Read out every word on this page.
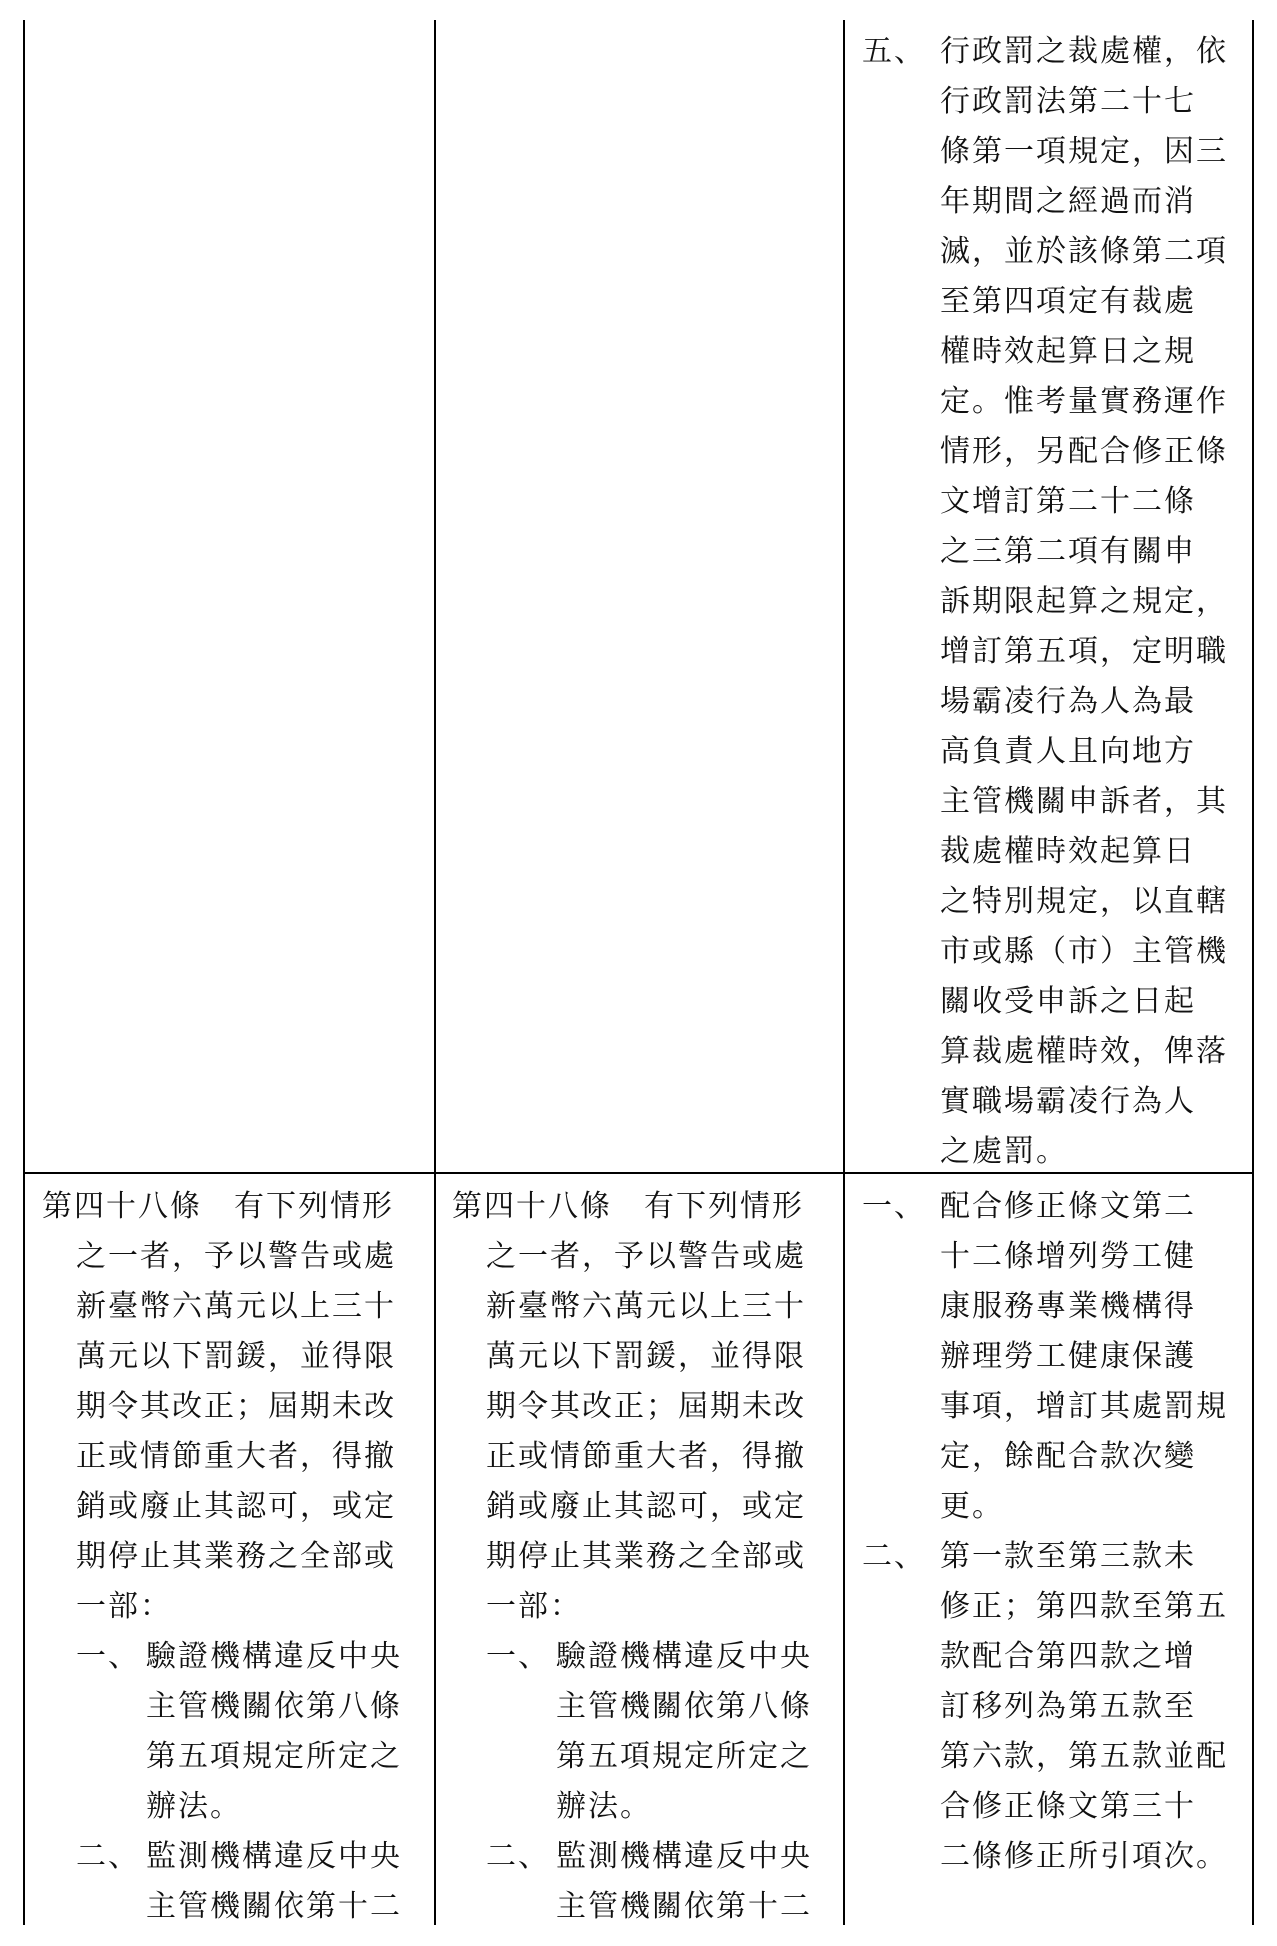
五、 行政罰之裁處權，依
行政罰法第二十七
條第一項規定，因三
年期間之經過而消
滅，並於該條第二項
至第四項定有裁處
權時效起算日之規
定。惟考量實務運作
情形，另配合修正條
文增訂第二十二條
之三第二項有關申
訴期限起算之規定，
增訂第五項，定明職
場霸凌行為人為最
高負責人且向地方
主管機關申訴者，其
裁處權時效起算日
之特別規定，以直轄
市或縣（市）主管機
關收受申訴之日起
算裁處權時效，俾落
實職場霸凌行為人
之處罰。
第四十八條　有下列情形
之一者，予以警告或處
新臺幣六萬元以上三十
萬元以下罰鍰，並得限
期令其改正；屆期未改
正或情節重大者，得撤
銷或廢止其認可，或定
期停止其業務之全部或
一部：
一、 驗證機構違反中央
主管機關依第八條
第五項規定所定之
辦法。
二、 監測機構違反中央
主管機關依第十二
第四十八條　有下列情形
之一者，予以警告或處
新臺幣六萬元以上三十
萬元以下罰鍰，並得限
期令其改正；屆期未改
正或情節重大者，得撤
銷或廢止其認可，或定
期停止其業務之全部或
一部：
一、 驗證機構違反中央
主管機關依第八條
第五項規定所定之
辦法。
二、 監測機構違反中央
主管機關依第十二
一、 配合修正條文第二
十二條增列勞工健
康服務專業機構得
辦理勞工健康保護
事項，增訂其處罰規
定，餘配合款次變
更。
二、 第一款至第三款未
修正；第四款至第五
款配合第四款之增
訂移列為第五款至
第六款，第五款並配
合修正條文第三十
二條修正所引項次。
